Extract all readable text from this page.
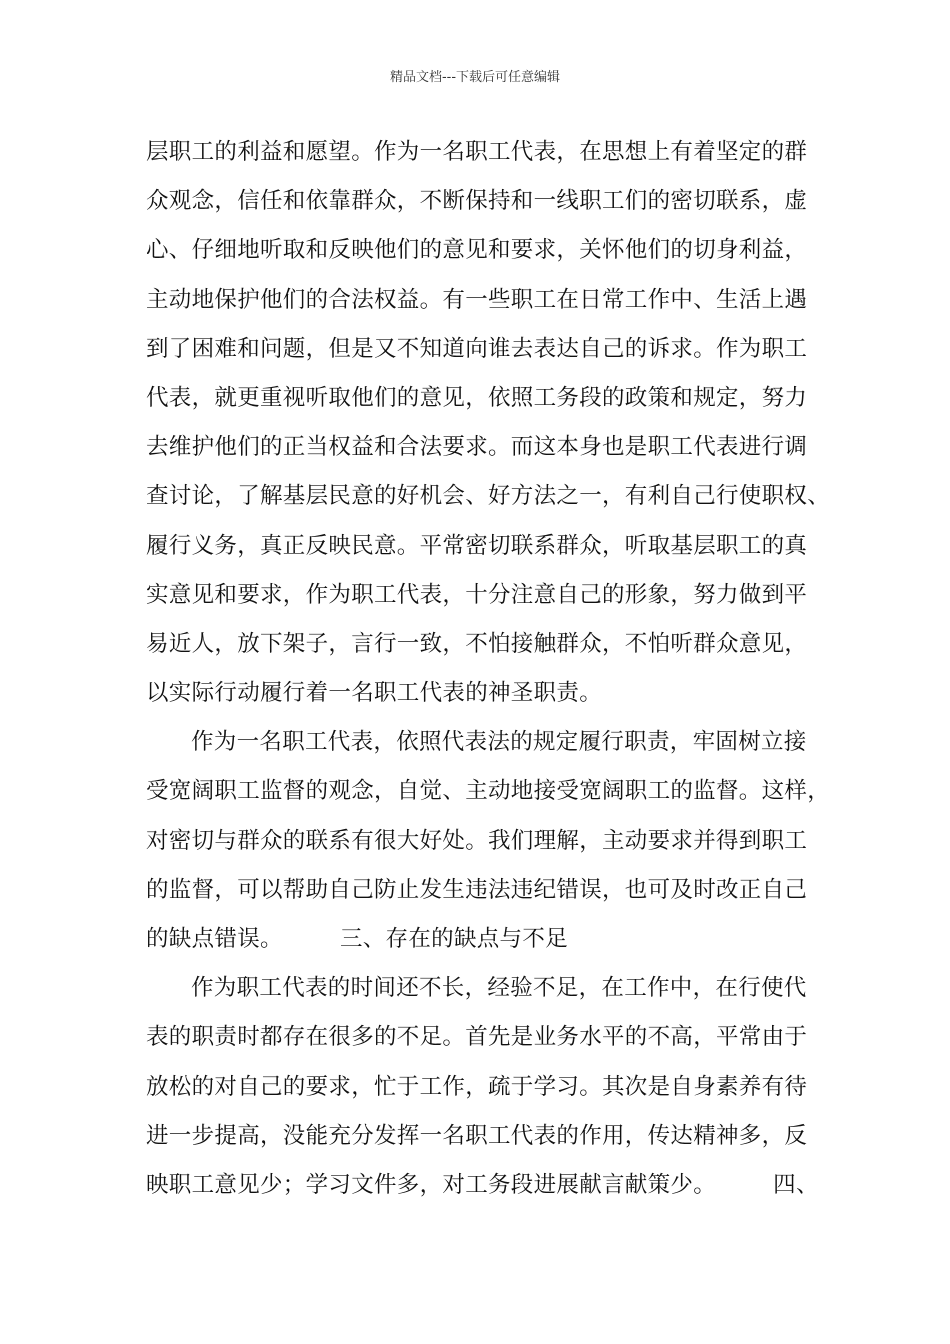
精品文档---下载后可任意编辑
层职工的利益和愿望。作为一名职工代表，在思想上有着坚定的群
众观念，信任和依靠群众，不断保持和一线职工们的密切联系，虚
心、仔细地听取和反映他们的意见和要求，关怀他们的切身利益，
主动地保护他们的合法权益。有一些职工在日常工作中、生活上遇
到了困难和问题，但是又不知道向谁去表达自己的诉求。作为职工
代表，就更重视听取他们的意见，依照工务段的政策和规定，努力
去维护他们的正当权益和合法要求。而这本身也是职工代表进行调
查讨论，了解基层民意的好机会、好方法之一，有利自己行使职权、
履行义务，真正反映民意。平常密切联系群众，听取基层职工的真
实意见和要求，作为职工代表，十分注意自己的形象，努力做到平
易近人，放下架子，言行一致，不怕接触群众，不怕听群众意见，
以实际行动履行着一名职工代表的神圣职责。
作为一名职工代表，依照代表法的规定履行职责，牢固树立接
受宽阔职工监督的观念，自觉、主动地接受宽阔职工的监督。这样，
对密切与群众的联系有很大好处。我们理解，主动要求并得到职工
的监督，可以帮助自己防止发生违法违纪错误，也可及时改正自己
的缺点错误。　　　三、存在的缺点与不足
作为职工代表的时间还不长，经验不足，在工作中，在行使代
表的职责时都存在很多的不足。首先是业务水平的不高，平常由于
放松的对自己的要求，忙于工作，疏于学习。其次是自身素养有待
进一步提高，没能充分发挥一名职工代表的作用，传达精神多，反
映职工意见少；学习文件多，对工务段进展献言献策少。　　　四、
